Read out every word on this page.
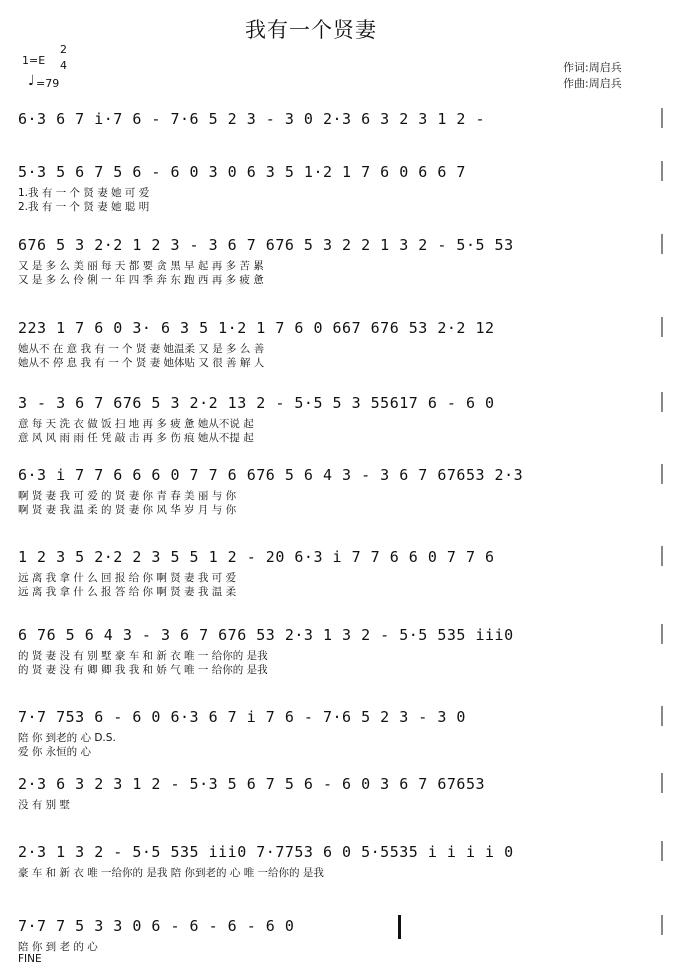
我有一个贤妻
1=E
2
4
♩ =79
作词:周启兵
作曲:周启兵
6·3 6 7 i·7 6 - 7·6 5 2 3 - 3 0 2·3 6 3 2 3 1 2 -
5·3 5 6 7 5 6 - 6 0 3 0 6 3 5 1·2 1 7 6 0 6 6 7
1.我 有 一 个 贤 妻 她 可 爱
2.我 有 一 个 贤 妻 她 聪 明
676 5 3 2·2 1 2 3 - 3 6 7 676 5 3 2 2 1 3 2 - 5·5 53
又 是 多 么 美 丽 每 天 都 要 贪 黑 早 起 再 多 苦 累
又 是 多 么 伶 俐 一 年 四 季 奔 东 跑 西 再 多 疲 惫
223 1 7 6 0 3· 6 3 5 1·2 1 7 6 0 667 676 53 2·2 12
她从不 在 意 我 有 一 个 贤 妻 她温柔 又 是 多 么 善
她从不 停 息 我 有 一 个 贤 妻 她体贴 又 很 善 解 人
3 - 3 6 7 676 5 3 2·2 13 2 - 5·5 5 3 55617 6 - 6 0
意 每 天 洗 衣 做 饭 扫 地 再 多 疲 惫 她从不说 起
意 风 风 雨 雨 任 凭 敲 击 再 多 伤 痕 她从不提 起
6·3 i 7 7 6 6 6 0 7 7 6 676 5 6 4 3 - 3 6 7 67653 2·3
啊 贤 妻 我 可 爱 的 贤 妻 你 青 春 美 丽 与 你
啊 贤 妻 我 温 柔 的 贤 妻 你 风 华 岁 月 与 你
1 2 3 5 2·2 2 3 5 5 1 2 - 20 6·3 i 7 7 6 6 0 7 7 6
远 离 我 拿 什 么 回 报 给 你 啊 贤 妻 我 可 爱
远 离 我 拿 什 么 报 答 给 你 啊 贤 妻 我 温 柔
6 76 5 6 4 3 - 3 6 7 676 53 2·3 1 3 2 - 5·5 535 iii0
的 贤 妻 没 有 别 墅 豪 车 和 新 衣 唯 一 给你的 是我
的 贤 妻 没 有 卿 卿 我 我 和 娇 气 唯 一 给你的 是我
7·7 753 6 - 6 0 6·3 6 7 i 7 6 - 7·6 5 2 3 - 3 0
陪 你 到老的 心 D.S.
爱 你 永恒的 心
2·3 6 3 2 3 1 2 - 5·3 5 6 7 5 6 - 6 0 3 6 7 67653
没 有 别 墅
2·3 1 3 2 - 5·5 535 iii0 7·7753 6 0 5·5535 i i i i 0
豪 车 和 新 衣 唯 一给你的 是我 陪 你到老的 心 唯 一给你的 是我
7·7 7 5 3 3 0 6 - 6 - 6 - 6 0
陪 你 到 老 的 心
FINE
